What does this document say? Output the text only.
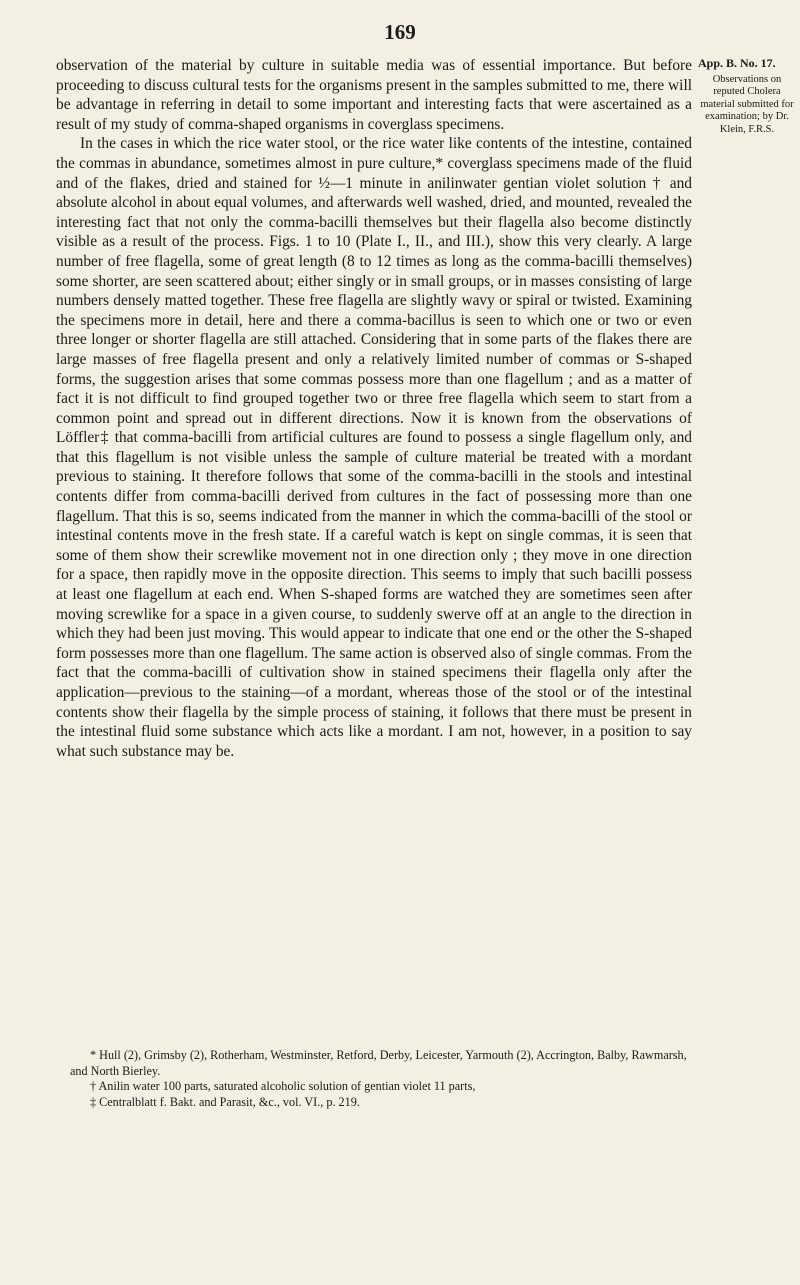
169

observation of the material by culture in suitable media was of essential importance. But before proceeding to discuss cultural tests for the organisms present in the samples submitted to me, there will be advantage in referring in detail to some important and interesting facts that were ascertained as a result of my study of comma-shaped organisms in coverglass specimens.

In the cases in which the rice water stool, or the rice water like contents of the intestine, contained the commas in abundance, sometimes almost in pure culture,* coverglass specimens made of the fluid and of the flakes, dried and stained for ½—1 minute in anilinwater gentian violet solution † and absolute alcohol in about equal volumes, and afterwards well washed, dried, and mounted, revealed the interesting fact that not only the comma-bacilli themselves but their flagella also become distinctly visible as a result of the process. Figs. 1 to 10 (Plate I., II., and III.), show this very clearly. A large number of free flagella, some of great length (8 to 12 times as long as the comma-bacilli themselves) some shorter, are seen scattered about; either singly or in small groups, or in masses consisting of large numbers densely matted together. These free flagella are slightly wavy or spiral or twisted. Examining the specimens more in detail, here and there a comma-bacillus is seen to which one or two or even three longer or shorter flagella are still attached. Considering that in some parts of the flakes there are large masses of free flagella present and only a relatively limited number of commas or S-shaped forms, the suggestion arises that some commas possess more than one flagellum ; and as a matter of fact it is not difficult to find grouped together two or three free flagella which seem to start from a common point and spread out in different directions. Now it is known from the observations of Löffler‡ that comma-bacilli from artificial cultures are found to possess a single flagellum only, and that this flagellum is not visible unless the sample of culture material be treated with a mordant previous to staining. It therefore follows that some of the comma-bacilli in the stools and intestinal contents differ from comma-bacilli derived from cultures in the fact of possessing more than one flagellum. That this is so, seems indicated from the manner in which the comma-bacilli of the stool or intestinal contents move in the fresh state. If a careful watch is kept on single commas, it is seen that some of them show their screwlike movement not in one direction only ; they move in one direction for a space, then rapidly move in the opposite direction. This seems to imply that such bacilli possess at least one flagellum at each end. When S-shaped forms are watched they are sometimes seen after moving screwlike for a space in a given course, to suddenly swerve off at an angle to the direction in which they had been just moving. This would appear to indicate that one end or the other the S-shaped form possesses more than one flagellum. The same action is observed also of single commas. From the fact that the comma-bacilli of cultivation show in stained specimens their flagella only after the application—previous to the staining—of a mordant, whereas those of the stool or of the intestinal contents show their flagella by the simple process of staining, it follows that there must be present in the intestinal fluid some substance which acts like a mordant. I am not, however, in a position to say what such substance may be.

App. B. No. 17.
Observations on reputed Cholera material submitted for examination; by Dr. Klein, F.R.S.

* Hull (2), Grimsby (2), Rotherham, Westminster, Retford, Derby, Leicester, Yarmouth (2), Accrington, Balby, Rawmarsh, and North Bierley.

† Anilin water 100 parts, saturated alcoholic solution of gentian violet 11 parts,

‡ Centralblatt f. Bakt. and Parasit, &c., vol. VI., p. 219.
